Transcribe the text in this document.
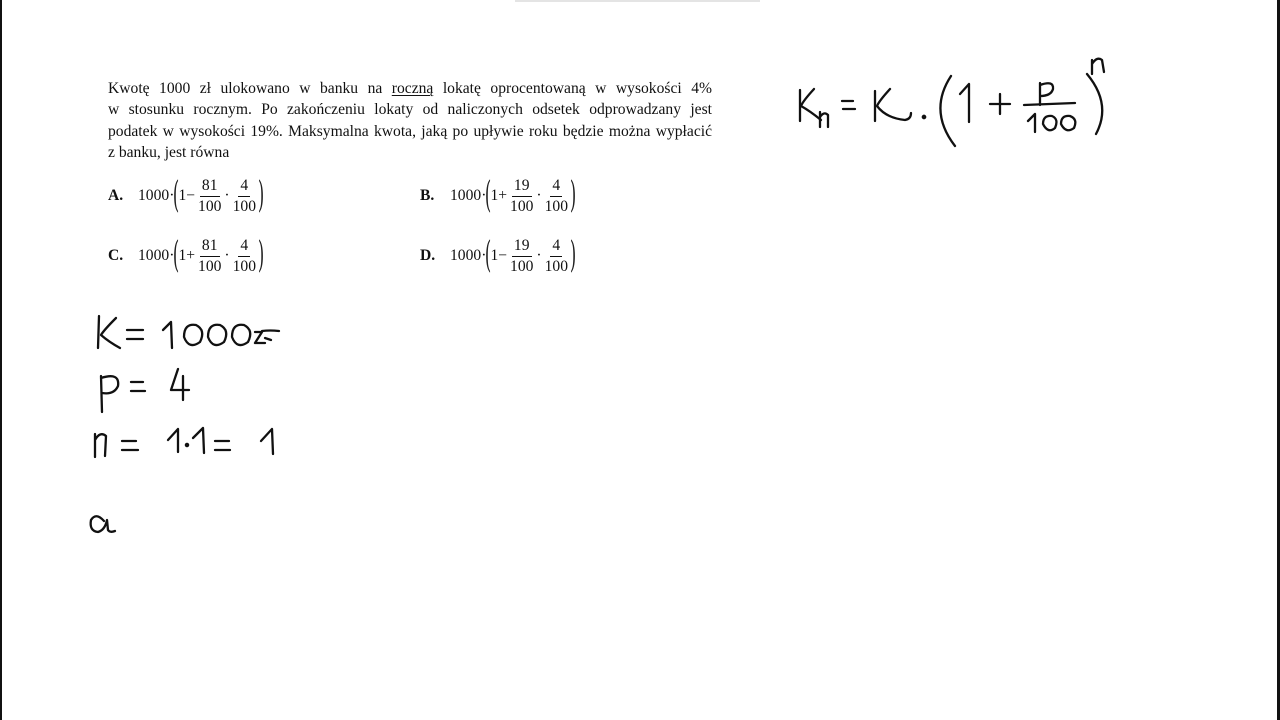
Kwotę 1000 zł ulokowano w banku na roczną lokatę oprocentowaną w wysokości 4%
w stosunku rocznym. Po zakończeniu lokaty od naliczonych odsetek odprowadzany jest
podatek w wysokości 19%. Maksymalna kwota, jaką po upływie roku będzie można wypłacić
z banku, jest równa
A. 1000·
(
$1 - \frac{81}{100} \cdot \frac{4}{100}$ )	B.	1000·
(
$1 + \frac{19}{100} \cdot \frac{4}{100}$ )
C. 1000·
(
$1 + \frac{81}{100} \cdot \frac{4}{100}$ )	D. 1000·
(
$1 - \frac{19}{100} \cdot \frac{4}{100}$ )
